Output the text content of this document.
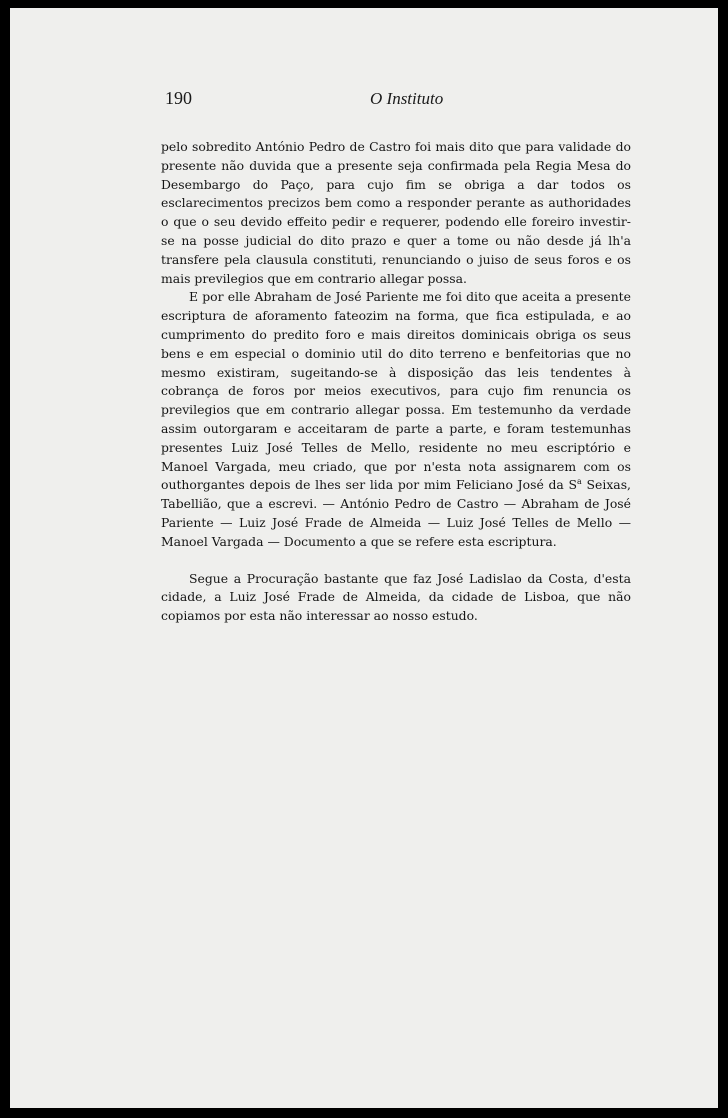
190	O Instituto

pelo sobredito António Pedro de Castro foi mais dito que para validade do presente não duvida que a presente seja confirmada pela Regia Mesa do Desembargo do Paço, para cujo fim se obriga a dar todos os esclarecimentos precizos bem como a responder perante as authoridades o que o seu devido effeito pedir e requerer, podendo elle foreiro investir-se na posse judicial do dito prazo e quer a tome ou não desde já lh'a transfere pela clausula constituti, renunciando o juiso de seus foros e os mais previlegios que em contrario allegar possa.

E por elle Abraham de José Pariente me foi dito que aceita a presente escriptura de aforamento fateozim na forma, que fica estipulada, e ao cumprimento do predito foro e mais direitos dominicais obriga os seus bens e em especial o dominio util do dito terreno e benfeitorias que no mesmo existiram, sugeitando-se à disposição das leis tendentes à cobrança de foros por meios executivos, para cujo fim renuncia os previlegios que em contrario allegar possa. Em testemunho da verdade assim outorgaram e acceitaram de parte a parte, e foram testemunhas presentes Luiz José Telles de Mello, residente no meu escriptório e Manoel Vargada, meu criado, que por n'esta nota assignarem com os outhorgantes depois de lhes ser lida por mim Feliciano José da $S^a$ Seixas, Tabellião, que a escrevi. — António Pedro de Castro — Abraham de José Pariente — Luiz José Frade de Almeida — Luiz José Telles de Mello — Manoel Vargada — Documento a que se refere esta escriptura.

Segue a Procuração bastante que faz José Ladislao da Costa, d'esta cidade, a Luiz José Frade de Almeida, da cidade de Lisboa, que não copiamos por esta não interessar ao nosso estudo.
